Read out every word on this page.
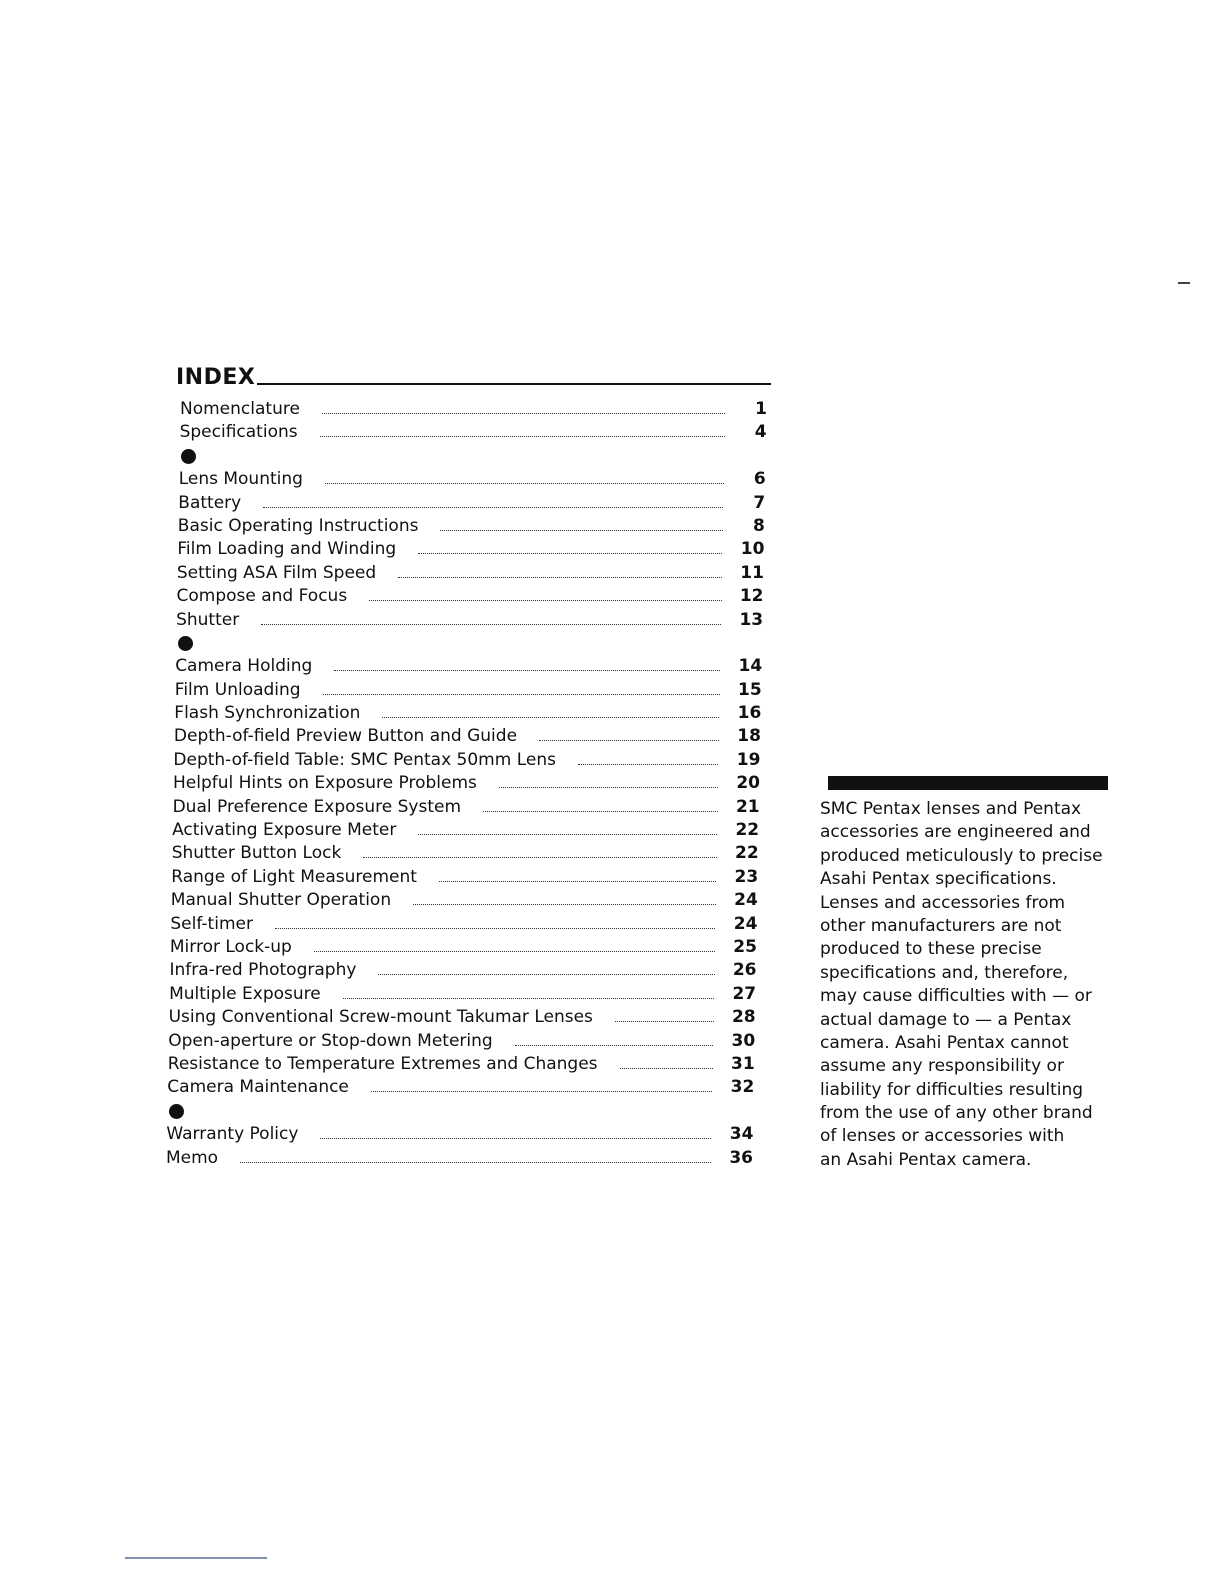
INDEX
Nomenclature	1
Specifications	4
Lens Mounting	6
Battery	7
Basic Operating Instructions	8
Film Loading and Winding	10
Setting ASA Film Speed	11
Compose and Focus	12
Shutter	13
Camera Holding	14
Film Unloading	15
Flash Synchronization	16
Depth-of-field Preview Button and Guide	18
Depth-of-field Table: SMC Pentax 50mm Lens	19
Helpful Hints on Exposure Problems	20
Dual Preference Exposure System	21
Activating Exposure Meter	22
Shutter Button Lock	22
Range of Light Measurement	23
Manual Shutter Operation	24
Self-timer	24
Mirror Lock-up	25
Infra-red Photography	26
Multiple Exposure	27
Using Conventional Screw-mount Takumar Lenses	28
Open-aperture or Stop-down Metering	30
Resistance to Temperature Extremes and Changes	31
Camera Maintenance	32
Warranty Policy	34
Memo	36
SMC Pentax lenses and Pentax
accessories are engineered and
produced meticulously to precise
Asahi Pentax specifications.
Lenses and accessories from
other manufacturers are not
produced to these precise
specifications and, therefore,
may cause difficulties with — or
actual damage to — a Pentax
camera. Asahi Pentax cannot
assume any responsibility or
liability for difficulties resulting
from the use of any other brand
of lenses or accessories with
an Asahi Pentax camera.
